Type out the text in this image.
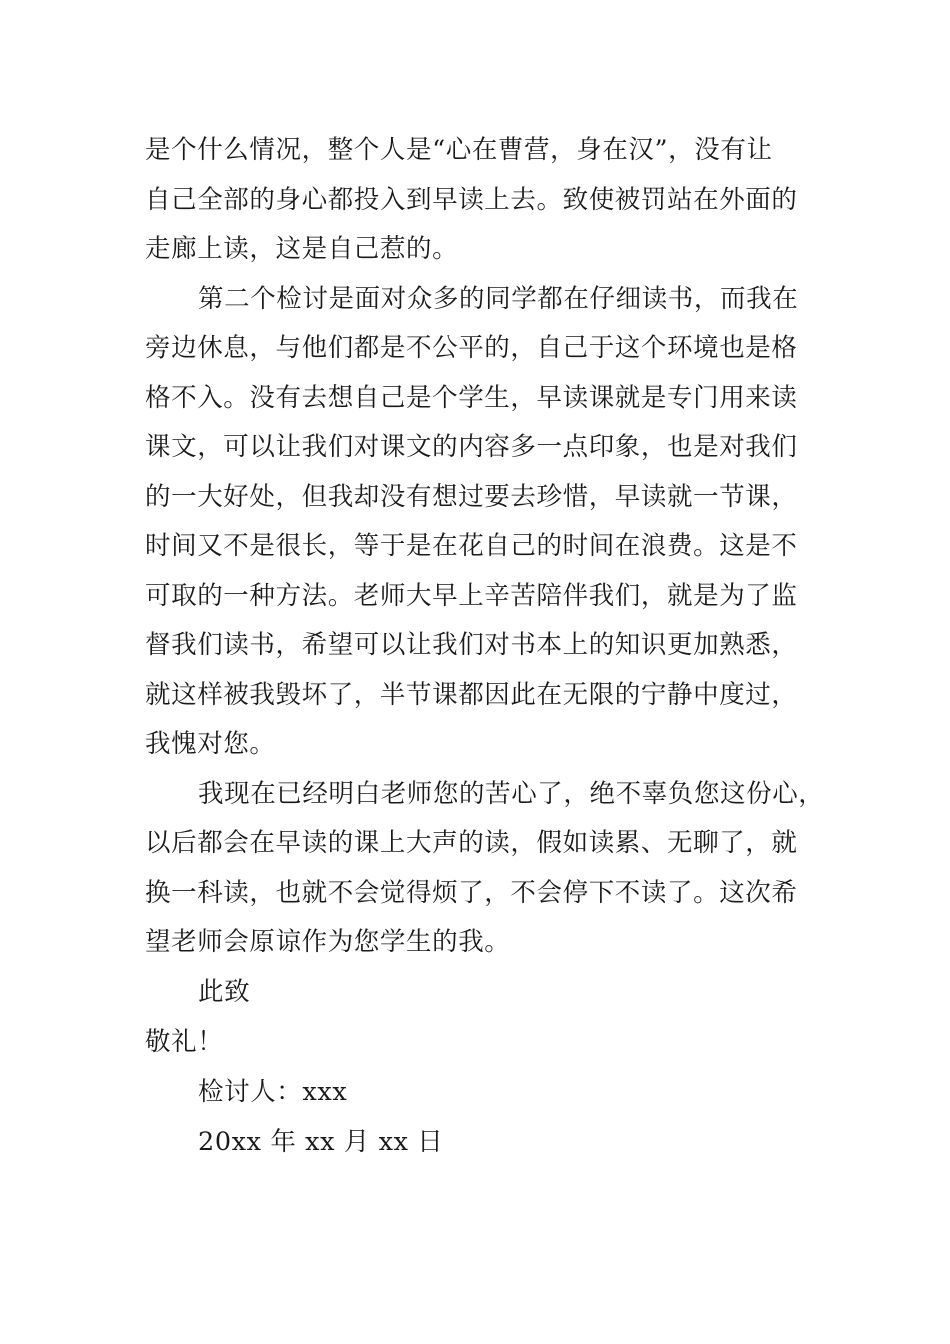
是个什么情况，整个人是“心在曹营，身在汉”，没有让

自己全部的身心都投入到早读上去。致使被罚站在外面的

走廊上读，这是自己惹的。

第二个检讨是面对众多的同学都在仔细读书，而我在

旁边休息，与他们都是不公平的，自己于这个环境也是格

格不入。没有去想自己是个学生，早读课就是专门用来读

课文，可以让我们对课文的内容多一点印象，也是对我们

的一大好处，但我却没有想过要去珍惜，早读就一节课，

时间又不是很长，等于是在花自己的时间在浪费。这是不

可取的一种方法。老师大早上辛苦陪伴我们，就是为了监

督我们读书，希望可以让我们对书本上的知识更加熟悉，

就这样被我毁坏了，半节课都因此在无限的宁静中度过，

我愧对您。

我现在已经明白老师您的苦心了，绝不辜负您这份心，

以后都会在早读的课上大声的读，假如读累、无聊了，就

换一科读，也就不会觉得烦了，不会停下不读了。这次希

望老师会原谅作为您学生的我。

此致

敬礼！

检讨人：xxx

20xx 年 xx 月 xx 日
